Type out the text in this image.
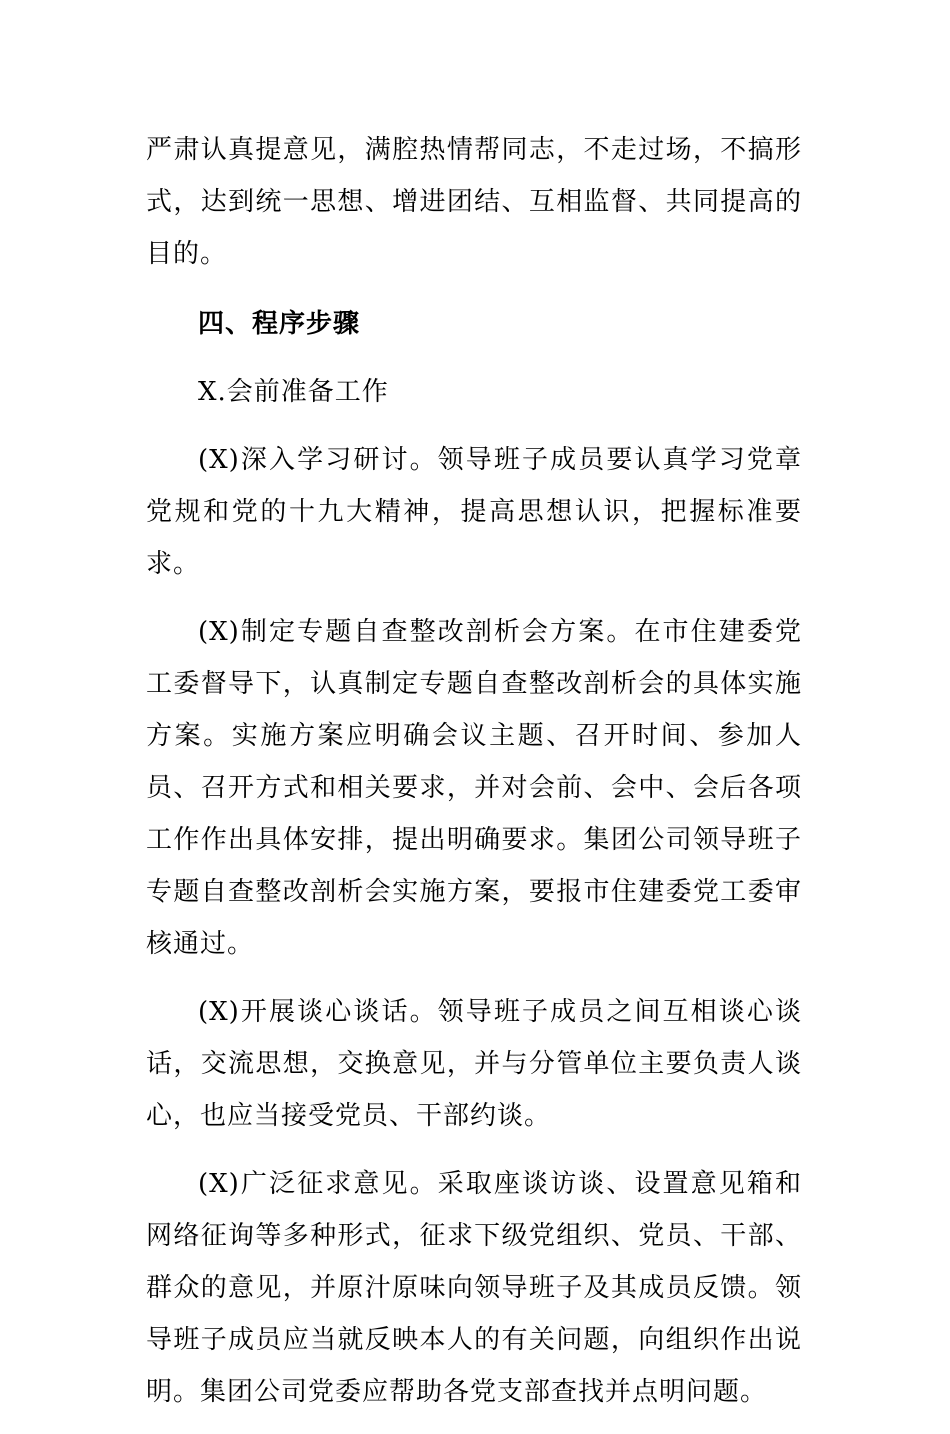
严肃认真提意见，满腔热情帮同志，不走过场，不搞形式，达到统一思想、增进团结、互相监督、共同提高的目的。

四、程序步骤

X.会前准备工作

(X)深入学习研讨。领导班子成员要认真学习党章党规和党的十九大精神，提高思想认识，把握标准要求。

(X)制定专题自查整改剖析会方案。在市住建委党工委督导下，认真制定专题自查整改剖析会的具体实施方案。实施方案应明确会议主题、召开时间、参加人员、召开方式和相关要求，并对会前、会中、会后各项工作作出具体安排，提出明确要求。集团公司领导班子专题自查整改剖析会实施方案，要报市住建委党工委审核通过。

(X)开展谈心谈话。领导班子成员之间互相谈心谈话，交流思想，交换意见，并与分管单位主要负责人谈心，也应当接受党员、干部约谈。

(X)广泛征求意见。采取座谈访谈、设置意见箱和网络征询等多种形式，征求下级党组织、党员、干部、群众的意见，并原汁原味向领导班子及其成员反馈。领导班子成员应当就反映本人的有关问题，向组织作出说明。集团公司党委应帮助各党支部查找并点明问题。
